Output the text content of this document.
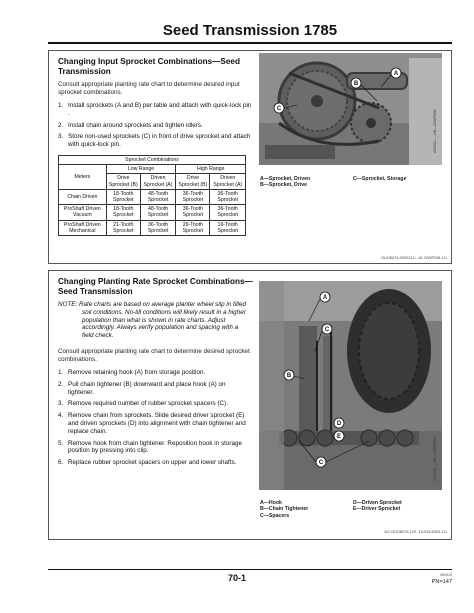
Seed Transmission 1785
Changing Input Sprocket Combinations—Seed Transmission
Consult appropriate planting rate chart to determine desired input sprocket combinations.
1. Install sprockets (A and B) per table and attach with quick-lock pin .
2. Install chain around sprockets and tighten idlers.
3. Store non-used sprockets (C) in front of drive sprocket and attach with quick-lock pin.
Sprocket Combinations				
Meters	Low Range		High Range	
	Drive Sprocket (B)	Driven Sprocket (A)	Drive Sprocket (B)	Driven Sprocket (A)
Chain Driven	18-Tooth Sprocket	48-Tooth Sprocket	36-Tooth Sprocket	36-Tooth Sprocket
ProShaft Driven Vacuum	18-Tooth Sprocket	48-Tooth Sprocket	36-Tooth Sprocket	36-Tooth Sprocket
ProShaft Driven Mechanical	21-Tooth Sprocket	36-Tooth Sprocket	29-Tooth Sprocket	19-Tooth Sprocket
A—Sprocket, Driven
B—Sprocket, Drive
C—Sprocket, Storage
OUO6074,0000Z1C -19-22APR08-1/1
B
A
C
A90221 —UN—22APR08
Changing Planting Rate Sprocket Combinations—Seed Transmission
NOTE: Rate charts are based on average planter wheel slip in tilled soil conditions. No-till conditions will likely result in a higher population than what is shown in rate charts. Adjust accordingly. Always verify population and spacing with a field check.
Consult appropriate planting rate chart to determine desired sprocket combinations.
1. Remove retaining hook (A) from storage position.
2. Pull chain tightener (B) downward and place hook (A) on tightener.
3. Remove required number of rubber sprocket spacers (C).
4. Remove chain from sprockets. Slide desired driver sprocket (E) and driven sprockets (D) into alignment with chain tightener and replace chain.
5. Remove hook from chain tightener. Reposition hook in storage position by pressing into clip.
6. Replace rubber sprocket spacers on upper and lower shafts.
A—Hook
B—Chain Tightener
C—Spacers
D—Driven Sprocket
E—Driver Sprocket
AG,OUO6076,129 -19-03JUN03-1/1
A
C
B
D
C
E
A47329 —UN—22APR03
70-1	080915
PN=147
